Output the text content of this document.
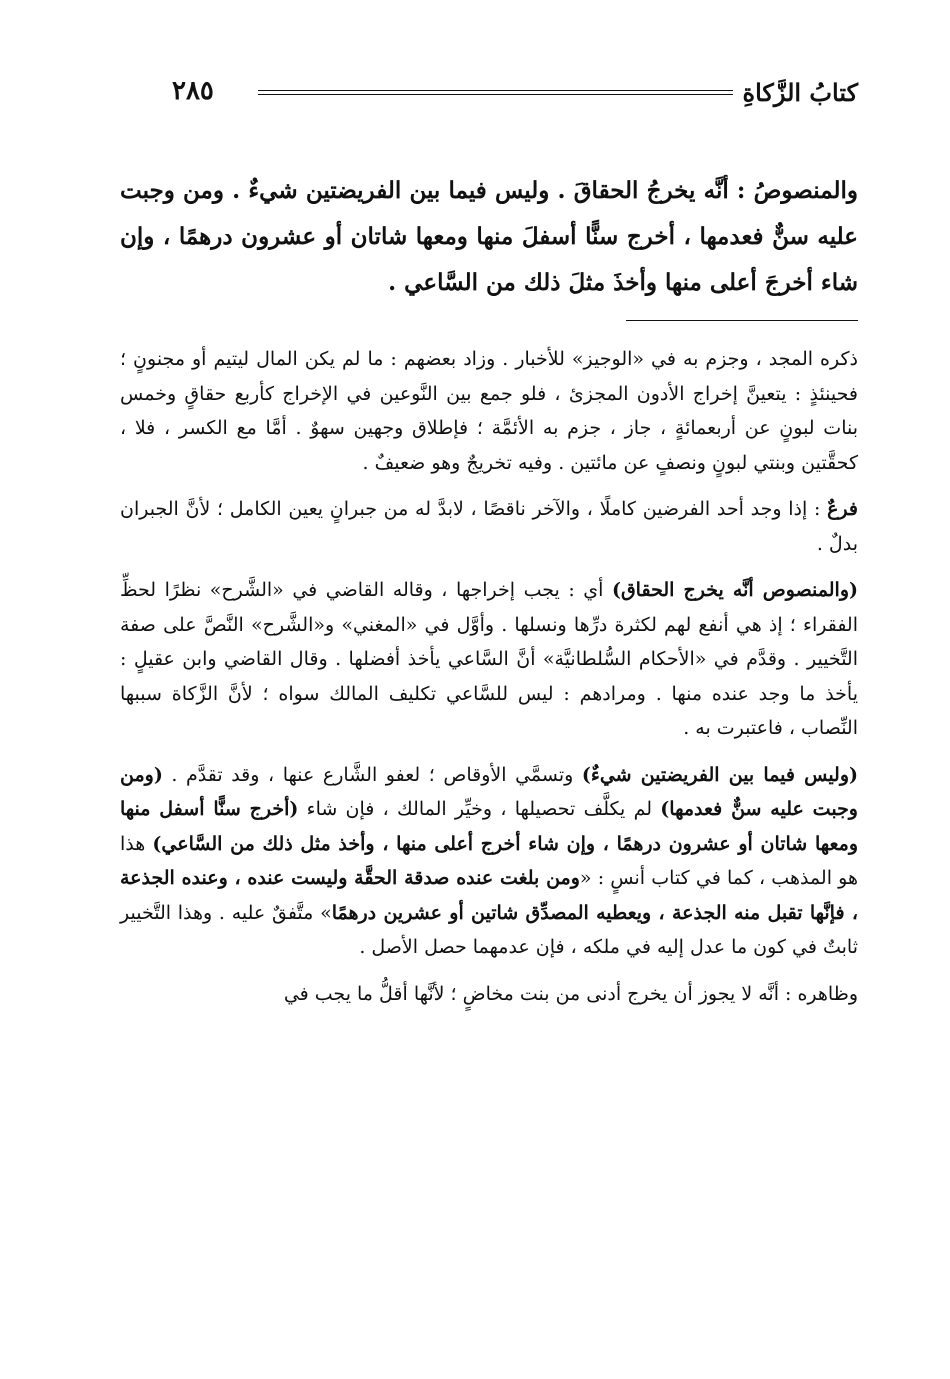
كتابُ الزَّكاةِ
٢٨٥
والمنصوصُ : أنَّه يخرجُ الحقاقَ . وليس فيما بين الفريضتين شيءٌ . ومن وجبت عليه سنٌّ فعدمها ، أخرج سنًّا أسفلَ منها ومعها شاتان أو عشرون درهمًا ، وإن شاء أخرجَ أعلى منها وأخذَ مثلَ ذلك من السَّاعي .

ذكره المجد ، وجزم به في «الوجيز» للأخبار . وزاد بعضهم : ما لم يكن المال ليتيم أو مجنونٍ ؛ فحينئذٍ : يتعينَّ إخراج الأدون المجزئ ، فلو جمع بين النَّوعين في الإخراج كأربع حقاقٍ وخمس بنات لبونٍ عن أربعمائةٍ ، جاز ، جزم به الأئمَّة ؛ فإطلاق وجهين سهوٌ . أمَّا مع الكسر ، فلا ، كحقَّتين وبنتي لبونٍ ونصفٍ عن مائتين . وفيه تخريجٌ وهو ضعيفٌ .

فرعٌ : إذا وجد أحد الفرضين كاملًا ، والآخر ناقصًا ، لابدَّ له من جبرانٍ يعين الكامل ؛ لأنَّ الجبران بدلٌ .

(والمنصوص أنَّه يخرج الحقاق) أي : يجب إخراجها ، وقاله القاضي في «الشَّرح» نظرًا لحظِّ الفقراء ؛ إذ هي أنفع لهم لكثرة درِّها ونسلها . وأوَّل في «المغني» و«الشَّرح» النَّصَّ على صفة التَّخيير . وقدَّم في «الأحكام السُّلطانيَّة» أنَّ السَّاعي يأخذ أفضلها . وقال القاضي وابن عقيلٍ : يأخذ ما وجد عنده منها . ومرادهم : ليس للسَّاعي تكليف المالك سواه ؛ لأنَّ الزَّكاة سببها النِّصاب ، فاعتبرت به .

(وليس فيما بين الفريضتين شيءٌ) وتسمَّي الأوقاص ؛ لعفو الشَّارع عنها ، وقد تقدَّم . (ومن وجبت عليه سنٌّ فعدمها) لم يكلَّف تحصيلها ، وخيِّر المالك ، فإن شاء (أخرج سنًّا أسفل منها ومعها شاتان أو عشرون درهمًا ، وإن شاء أخرج أعلى منها ، وأخذ مثل ذلك من السَّاعي) هذا هو المذهب ، كما في كتاب أنسٍ : «ومن بلغت عنده صدقة الحقَّة وليست عنده ، وعنده الجذعة ، فإنَّها تقبل منه الجذعة ، ويعطيه المصدِّق شاتين أو عشرين درهمًا» متَّفقٌ عليه . وهذا التَّخيير ثابتٌ في كون ما عدل إليه في ملكه ، فإن عدمهما حصل الأصل .

وظاهره : أنَّه لا يجوز أن يخرج أدنى من بنت مخاضٍ ؛ لأنَّها أقلُّ ما يجب في
